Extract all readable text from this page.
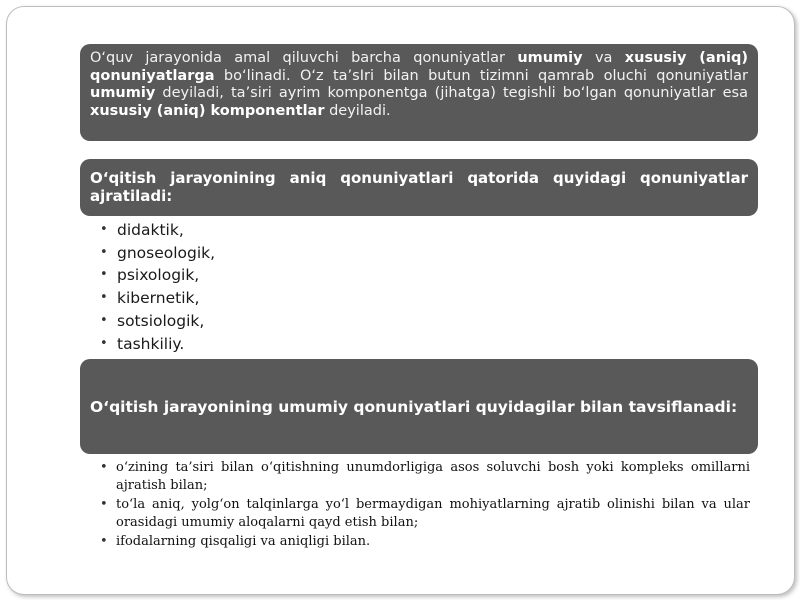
O‘quv jarayonida amal qiluvchi barcha qonuniyatlar umumiy va xususiy (aniq) qonuniyatlarga bo‘linadi. O‘z ta’sIri bilan butun tizimni qamrab oluchi qonuniyatlar umumiy deyiladi, ta’siri ayrim komponentga (jihatga) tegishli bo‘lgan qonuniyatlar esa xususiy (aniq) komponentlar deyiladi.
O‘qitish jarayonining aniq qonuniyatlari qatorida quyidagi qonuniyatlar ajratiladi:
• didaktik,
• gnoseologik,
• psixologik,
• kibernetik,
• sotsiologik,
• tashkiliy.
O‘qitish jarayonining umumiy qonuniyatlari quyidagilar bilan tavsiflanadi:
• o‘zining ta’siri bilan o‘qitishning unumdorligiga asos soluvchi bosh yoki kompleks omillarni ajratish bilan;
• to‘la aniq, yolg‘on talqinlarga yo‘l bermaydigan mohiyatlarning ajratib olinishi bilan va ular orasidagi umumiy aloqalarni qayd etish bilan;
• ifodalarning qisqaligi va aniqligi bilan.
